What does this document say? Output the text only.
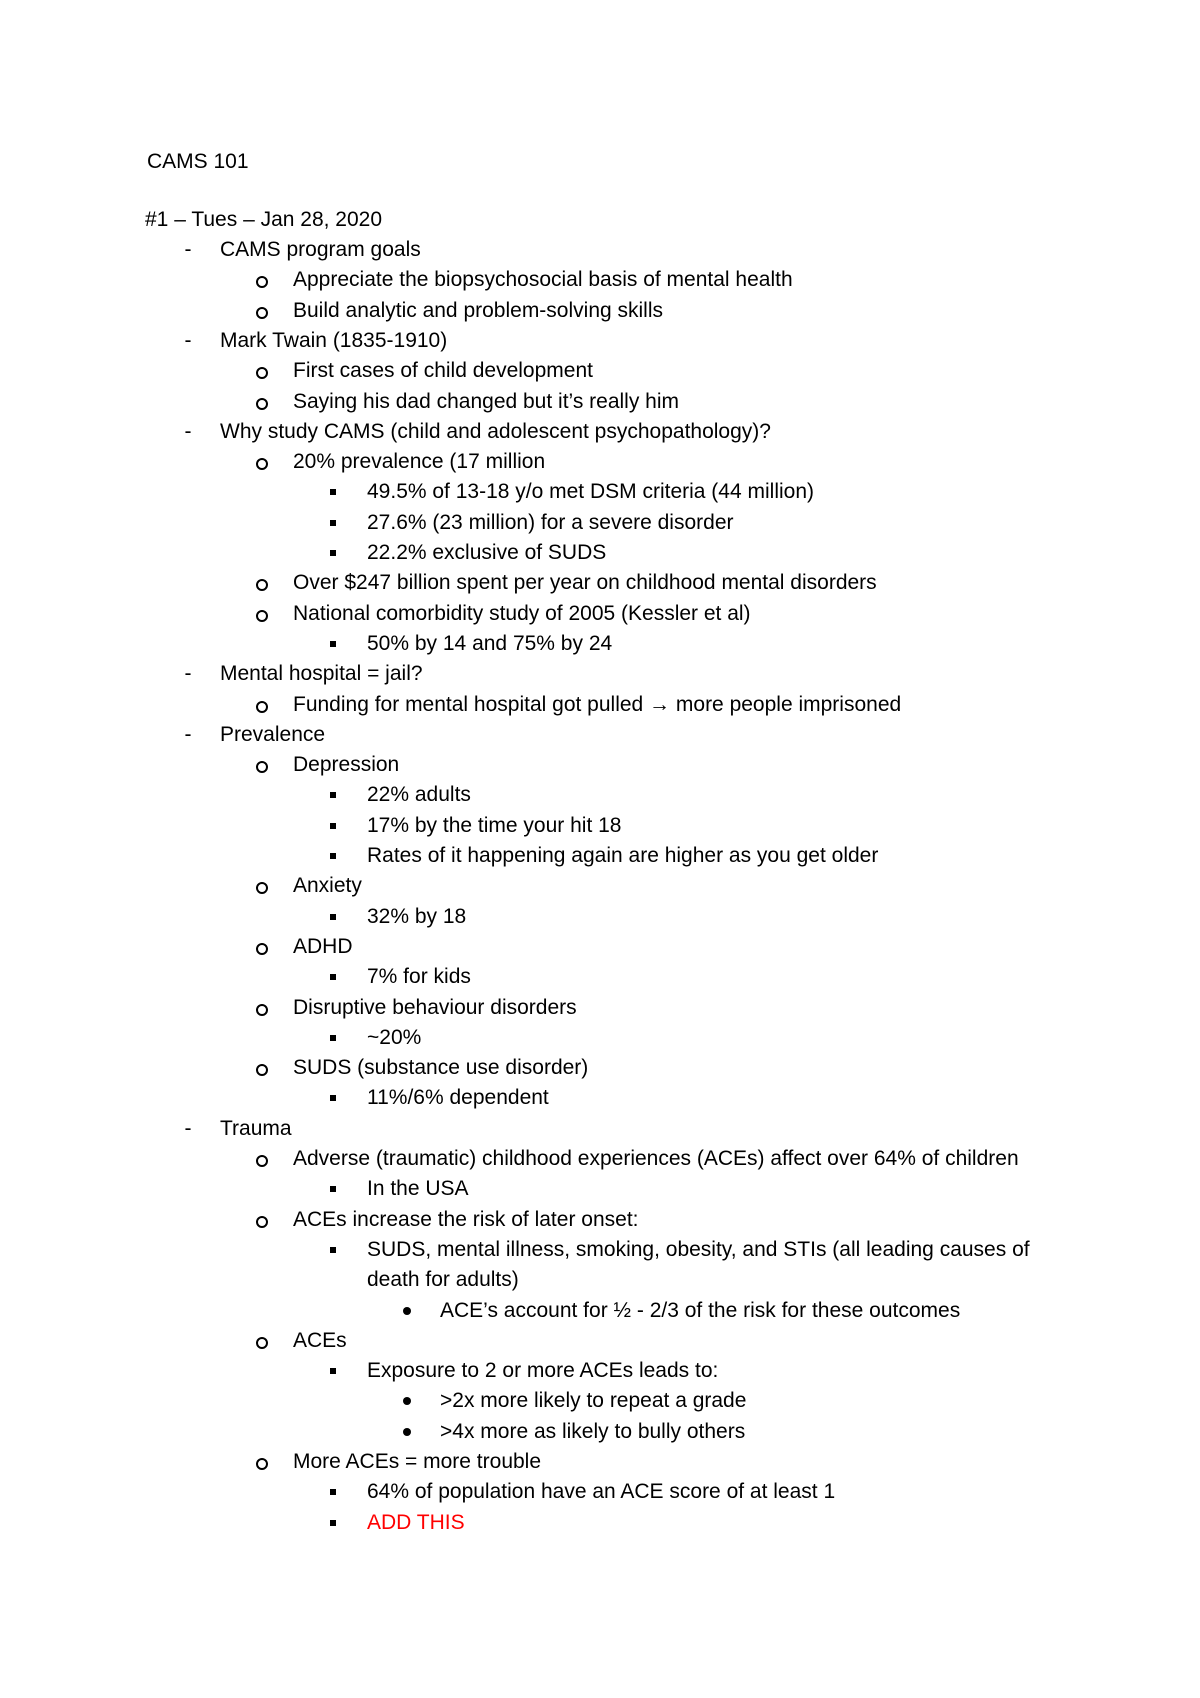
CAMS 101
#1 – Tues – Jan 28, 2020
-
CAMS program goals
Appreciate the biopsychosocial basis of mental health
Build analytic and problem-solving skills
-
Mark Twain (1835-1910)
First cases of child development
Saying his dad changed but it’s really him
-
Why study CAMS (child and adolescent psychopathology)?
20% prevalence (17 million
49.5% of 13-18 y/o met DSM criteria (44 million)
27.6% (23 million) for a severe disorder
22.2% exclusive of SUDS
Over $247 billion spent per year on childhood mental disorders
National comorbidity study of 2005 (Kessler et al)
50% by 14 and 75% by 24
-
Mental hospital = jail?
Funding for mental hospital got pulled → more people imprisoned
-
Prevalence
Depression
22% adults
17% by the time your hit 18
Rates of it happening again are higher as you get older
Anxiety
32% by 18
ADHD
7% for kids
Disruptive behaviour disorders
~20%
SUDS (substance use disorder)
11%/6% dependent
-
Trauma
Adverse (traumatic) childhood experiences (ACEs) affect over 64% of children
In the USA
ACEs increase the risk of later onset:
SUDS, mental illness, smoking, obesity, and STIs (all leading causes of
death for adults)
ACE’s account for ½ - 2/3 of the risk for these outcomes
ACEs
Exposure to 2 or more ACEs leads to:
>2x more likely to repeat a grade
>4x more as likely to bully others
More ACEs = more trouble
64% of population have an ACE score of at least 1
ADD THIS
